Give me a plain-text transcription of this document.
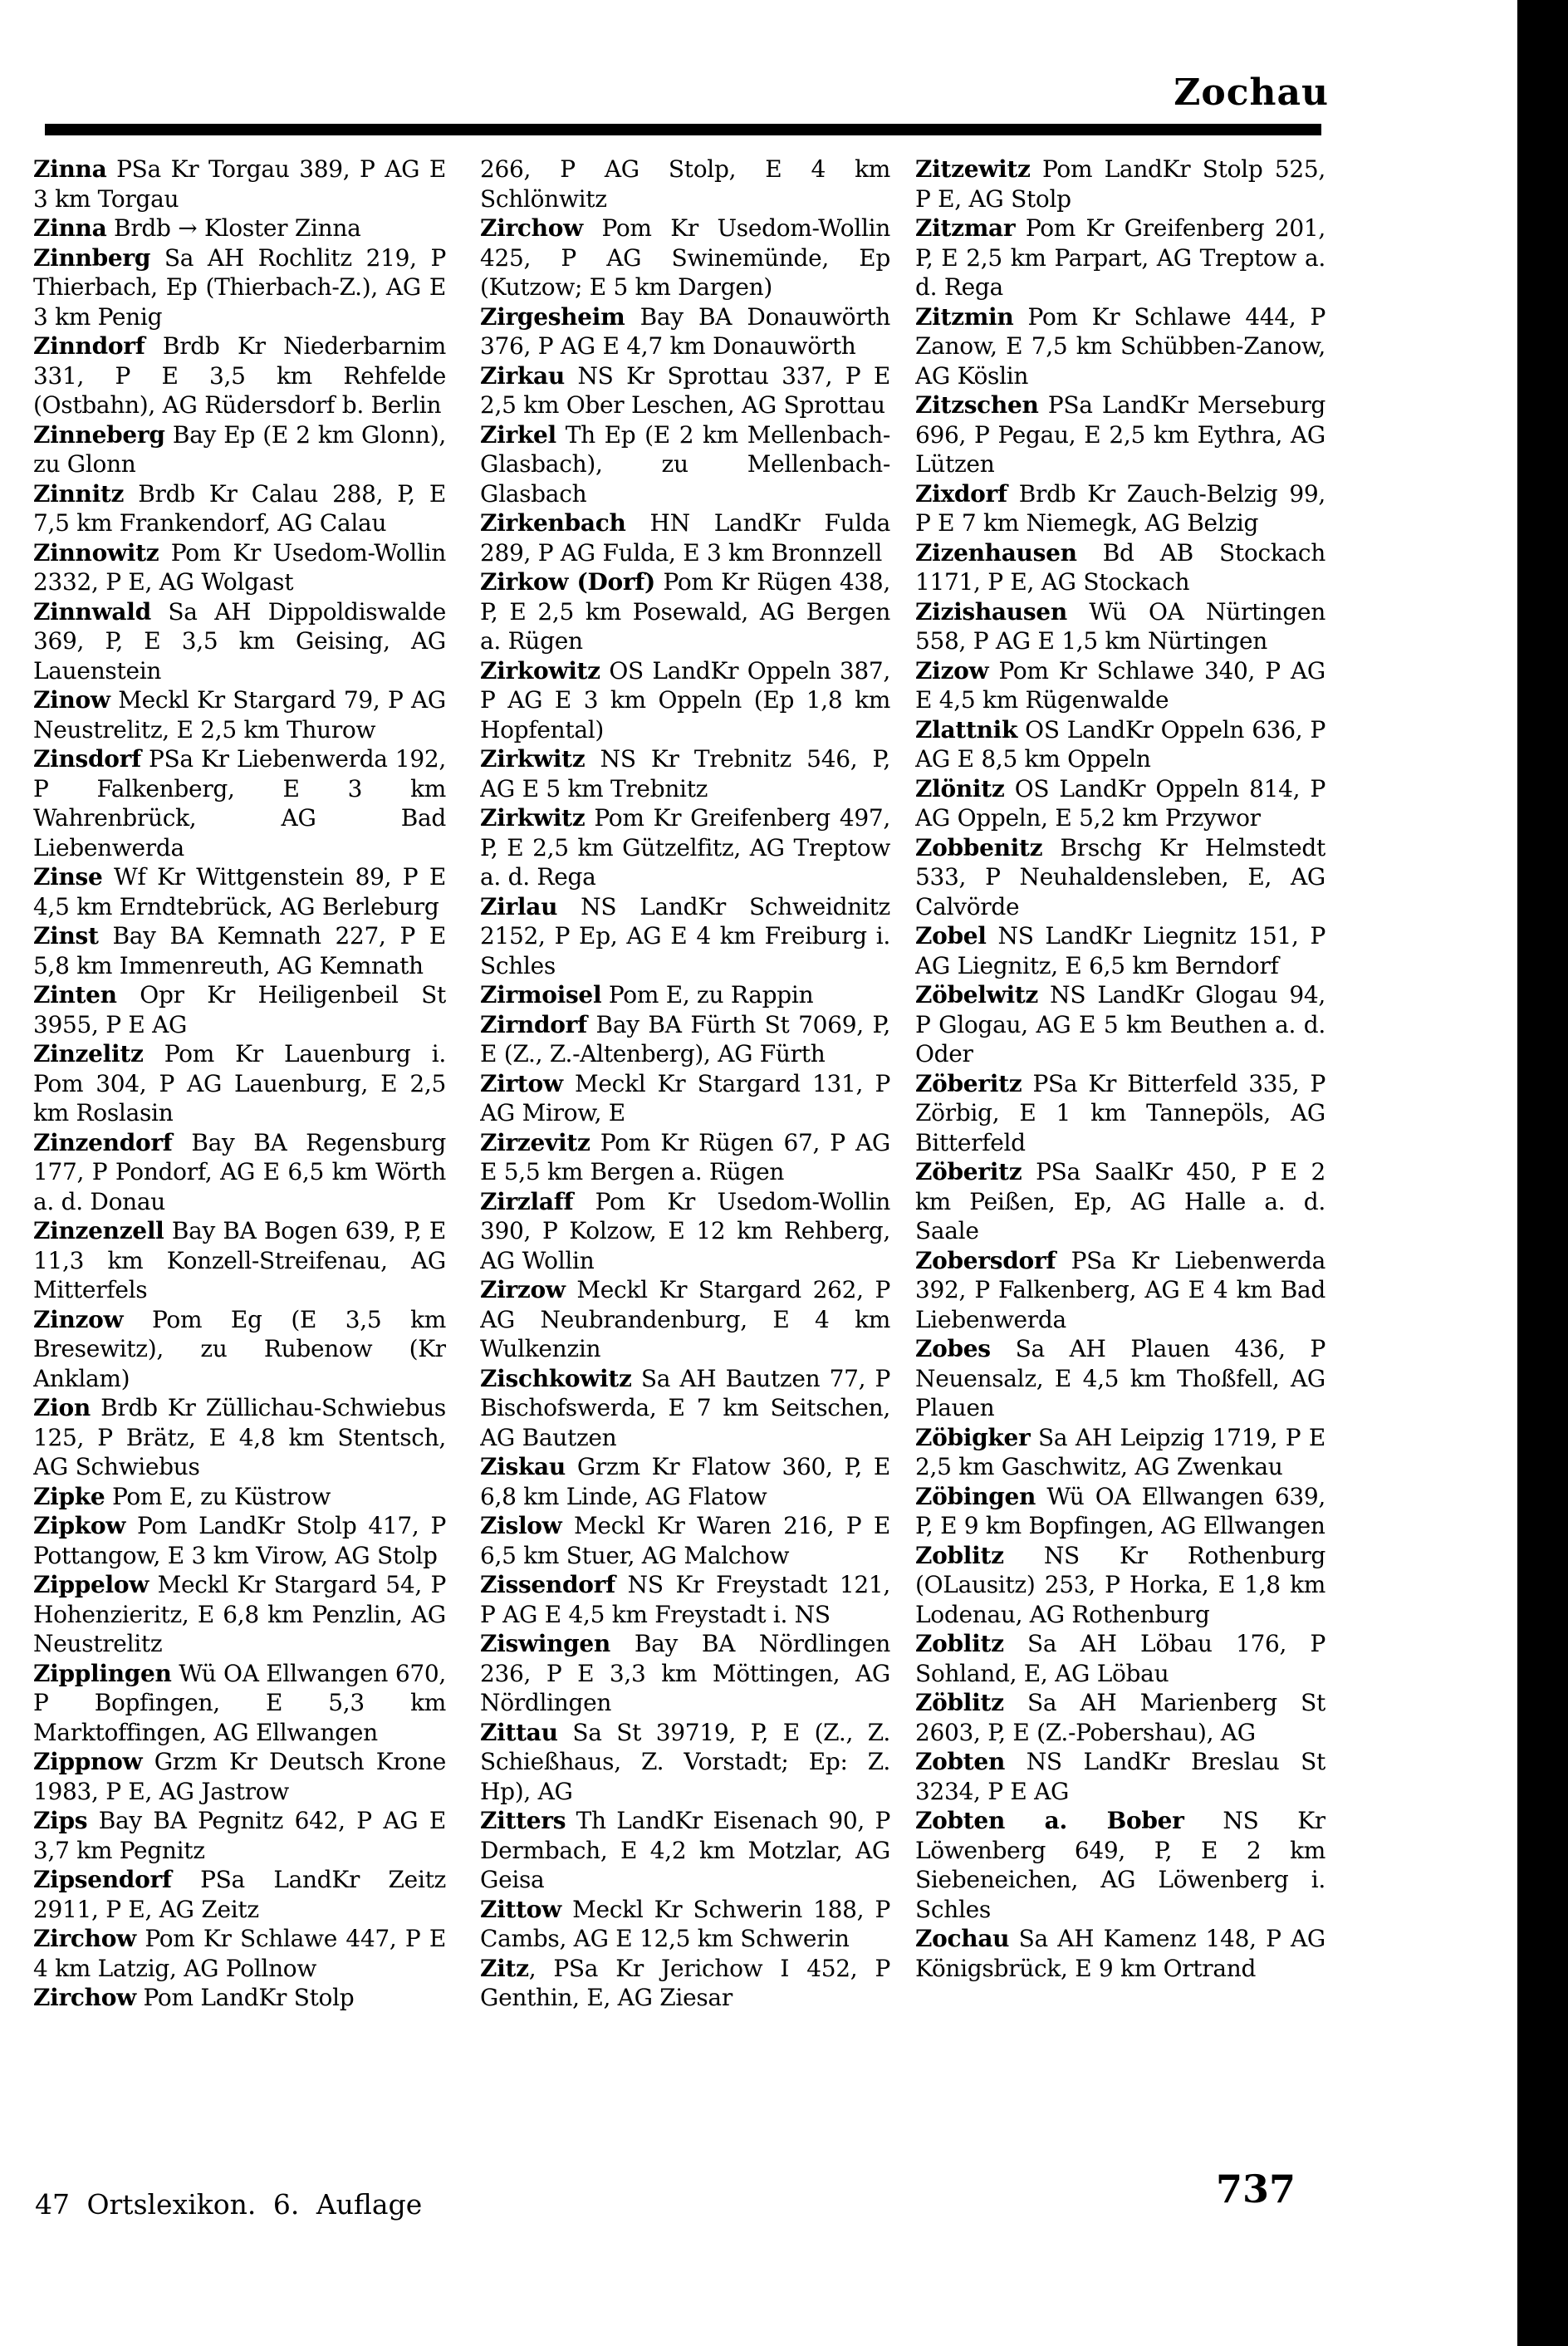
Zochau

Zinna PSa Kr Torgau 389, P AG E 3 km Torgau

Zinna Brdb → Kloster Zinna

Zinnberg Sa AH Rochlitz 219, P Thierbach, Ep (Thierbach-Z.), AG E 3 km Penig

Zinndorf Brdb Kr Niederbarnim 331, P E 3,5 km Rehfelde (Ostbahn), AG Rüdersdorf b. Berlin

Zinneberg Bay Ep (E 2 km Glonn), zu Glonn

Zinnitz Brdb Kr Calau 288, P, E 7,5 km Frankendorf, AG Calau

Zinnowitz Pom Kr Usedom-Wollin 2332, P E, AG Wolgast

Zinnwald Sa AH Dippoldiswalde 369, P, E 3,5 km Geising, AG Lauenstein

Zinow Meckl Kr Stargard 79, P AG Neustrelitz, E 2,5 km Thurow

Zinsdorf PSa Kr Liebenwerda 192, P Falkenberg, E 3 km Wahrenbrück, AG Bad Liebenwerda

Zinse Wf Kr Wittgenstein 89, P E 4,5 km Erndtebrück, AG Berleburg

Zinst Bay BA Kemnath 227, P E 5,8 km Immenreuth, AG Kemnath

Zinten Opr Kr Heiligenbeil St 3955, P E AG

Zinzelitz Pom Kr Lauenburg i. Pom 304, P AG Lauenburg, E 2,5 km Roslasin

Zinzendorf Bay BA Regensburg 177, P Pondorf, AG E 6,5 km Wörth a. d. Donau

Zinzenzell Bay BA Bogen 639, P, E 11,3 km Konzell-Streifenau, AG Mitterfels

Zinzow Pom Eg (E 3,5 km Bresewitz), zu Rubenow (Kr Anklam)

Zion Brdb Kr Züllichau-Schwiebus 125, P Brätz, E 4,8 km Stentsch, AG Schwiebus

Zipke Pom E, zu Küstrow

Zipkow Pom LandKr Stolp 417, P Pottangow, E 3 km Virow, AG Stolp

Zippelow Meckl Kr Stargard 54, P Hohenzieritz, E 6,8 km Penzlin, AG Neustrelitz

Zipplingen Wü OA Ellwangen 670, P Bopfingen, E 5,3 km Marktoffingen, AG Ellwangen

Zippnow Grzm Kr Deutsch Krone 1983, P E, AG Jastrow

Zips Bay BA Pegnitz 642, P AG E 3,7 km Pegnitz

Zipsendorf PSa LandKr Zeitz 2911, P E, AG Zeitz

Zirchow Pom Kr Schlawe 447, P E 4 km Latzig, AG Pollnow

Zirchow Pom LandKr Stolp

266, P AG Stolp, E 4 km Schlönwitz

Zirchow Pom Kr Usedom-Wollin 425, P AG Swinemünde, Ep (Kutzow; E 5 km Dargen)

Zirgesheim Bay BA Donauwörth 376, P AG E 4,7 km Donauwörth

Zirkau NS Kr Sprottau 337, P E 2,5 km Ober Leschen, AG Sprottau

Zirkel Th Ep (E 2 km Mellenbach-Glasbach), zu Mellenbach-Glasbach

Zirkenbach HN LandKr Fulda 289, P AG Fulda, E 3 km Bronnzell

Zirkow (Dorf) Pom Kr Rügen 438, P, E 2,5 km Posewald, AG Bergen a. Rügen

Zirkowitz OS LandKr Oppeln 387, P AG E 3 km Oppeln (Ep 1,8 km Hopfental)

Zirkwitz NS Kr Trebnitz 546, P, AG E 5 km Trebnitz

Zirkwitz Pom Kr Greifenberg 497, P, E 2,5 km Gützelfitz, AG Treptow a. d. Rega

Zirlau NS LandKr Schweidnitz 2152, P Ep, AG E 4 km Freiburg i. Schles

Zirmoisel Pom E, zu Rappin

Zirndorf Bay BA Fürth St 7069, P, E (Z., Z.-Altenberg), AG Fürth

Zirtow Meckl Kr Stargard 131, P AG Mirow, E

Zirzevitz Pom Kr Rügen 67, P AG E 5,5 km Bergen a. Rügen

Zirzlaff Pom Kr Usedom-Wollin 390, P Kolzow, E 12 km Rehberg, AG Wollin

Zirzow Meckl Kr Stargard 262, P AG Neubrandenburg, E 4 km Wulkenzin

Zischkowitz Sa AH Bautzen 77, P Bischofswerda, E 7 km Seitschen, AG Bautzen

Ziskau Grzm Kr Flatow 360, P, E 6,8 km Linde, AG Flatow

Zislow Meckl Kr Waren 216, P E 6,5 km Stuer, AG Malchow

Zissendorf NS Kr Freystadt 121, P AG E 4,5 km Freystadt i. NS

Ziswingen Bay BA Nördlingen 236, P E 3,3 km Möttingen, AG Nördlingen

Zittau Sa St 39719, P, E (Z., Z. Schießhaus, Z. Vorstadt; Ep: Z. Hp), AG

Zitters Th LandKr Eisenach 90, P Dermbach, E 4,2 km Motzlar, AG Geisa

Zittow Meckl Kr Schwerin 188, P Cambs, AG E 12,5 km Schwerin

Zitz, PSa Kr Jerichow I 452, P Genthin, E, AG Ziesar

Zitzewitz Pom LandKr Stolp 525, P E, AG Stolp

Zitzmar Pom Kr Greifenberg 201, P, E 2,5 km Parpart, AG Treptow a. d. Rega

Zitzmin Pom Kr Schlawe 444, P Zanow, E 7,5 km Schübben-Zanow, AG Köslin

Zitzschen PSa LandKr Merseburg 696, P Pegau, E 2,5 km Eythra, AG Lützen

Zixdorf Brdb Kr Zauch-Belzig 99, P E 7 km Niemegk, AG Belzig

Zizenhausen Bd AB Stockach 1171, P E, AG Stockach

Zizishausen Wü OA Nürtingen 558, P AG E 1,5 km Nürtingen

Zizow Pom Kr Schlawe 340, P AG E 4,5 km Rügenwalde

Zlattnik OS LandKr Oppeln 636, P AG E 8,5 km Oppeln

Zlönitz OS LandKr Oppeln 814, P AG Oppeln, E 5,2 km Przywor

Zobbenitz Brschg Kr Helmstedt 533, P Neuhaldensleben, E, AG Calvörde

Zobel NS LandKr Liegnitz 151, P AG Liegnitz, E 6,5 km Berndorf

Zöbelwitz NS LandKr Glogau 94, P Glogau, AG E 5 km Beuthen a. d. Oder

Zöberitz PSa Kr Bitterfeld 335, P Zörbig, E 1 km Tannepöls, AG Bitterfeld

Zöberitz PSa SaalKr 450, P E 2 km Peißen, Ep, AG Halle a. d. Saale

Zobersdorf PSa Kr Liebenwerda 392, P Falkenberg, AG E 4 km Bad Liebenwerda

Zobes Sa AH Plauen 436, P Neuensalz, E 4,5 km Thoßfell, AG Plauen

Zöbigker Sa AH Leipzig 1719, P E 2,5 km Gaschwitz, AG Zwenkau

Zöbingen Wü OA Ellwangen 639, P, E 9 km Bopfingen, AG Ellwangen

Zoblitz NS Kr Rothenburg (OLausitz) 253, P Horka, E 1,8 km Lodenau, AG Rothenburg

Zoblitz Sa AH Löbau 176, P Sohland, E, AG Löbau

Zöblitz Sa AH Marienberg St 2603, P, E (Z.-Pobershau), AG

Zobten NS LandKr Breslau St 3234, P E AG

Zobten a. Bober NS Kr Löwenberg 649, P, E 2 km Siebeneichen, AG Löwenberg i. Schles

Zochau Sa AH Kamenz 148, P AG Königsbrück, E 9 km Ortrand

47 Ortslexikon. 6. Auflage	737
